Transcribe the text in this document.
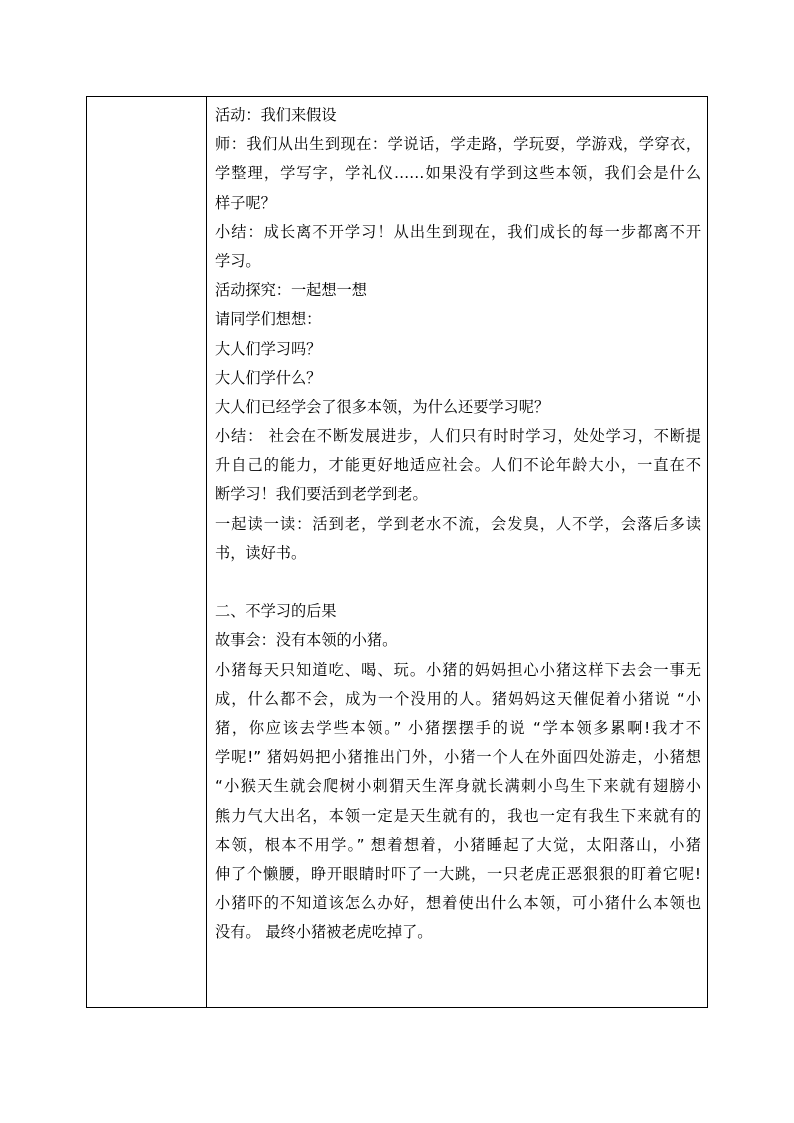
活动：我们来假设
师：我们从出生到现在：学说话，学走路，学玩耍，学游戏，学穿衣，
学整理，学写字，学礼仪……如果没有学到这些本领，我们会是什么
样子呢？
小结：成长离不开学习！从出生到现在，我们成长的每一步都离不开
学习。
活动探究：一起想一想
请同学们想想：
大人们学习吗？
大人们学什么？
大人们已经学会了很多本领，为什么还要学习呢？
小结： 社会在不断发展进步，人们只有时时学习，处处学习，不断提
升自己的能力，才能更好地适应社会。人们不论年龄大小，一直在不
断学习！我们要活到老学到老。
一起读一读：活到老，学到老水不流，会发臭，人不学，会落后多读
书，读好书。
二、不学习的后果
故事会：没有本领的小猪。
小猪每天只知道吃、喝、玩。小猪的妈妈担心小猪这样下去会一事无
成，什么都不会，成为一个没用的人。猪妈妈这天催促着小猪说 “小
猪，你应该去学些本领。” 小猪摆摆手的说 “学本领多累啊!我才不
学呢!” 猪妈妈把小猪推出门外，小猪一个人在外面四处游走，小猪想
“小猴天生就会爬树小刺猬天生浑身就长满刺小鸟生下来就有翅膀小
熊力气大出名，本领一定是天生就有的，我也一定有我生下来就有的
本领，根本不用学。” 想着想着，小猪睡起了大觉，太阳落山，小猪
伸了个懒腰，睁开眼睛时吓了一大跳，一只老虎正恶狠狠的盯着它呢!
小猪吓的不知道该怎么办好，想着使出什么本领，可小猪什么本领也
没有。 最终小猪被老虎吃掉了。
